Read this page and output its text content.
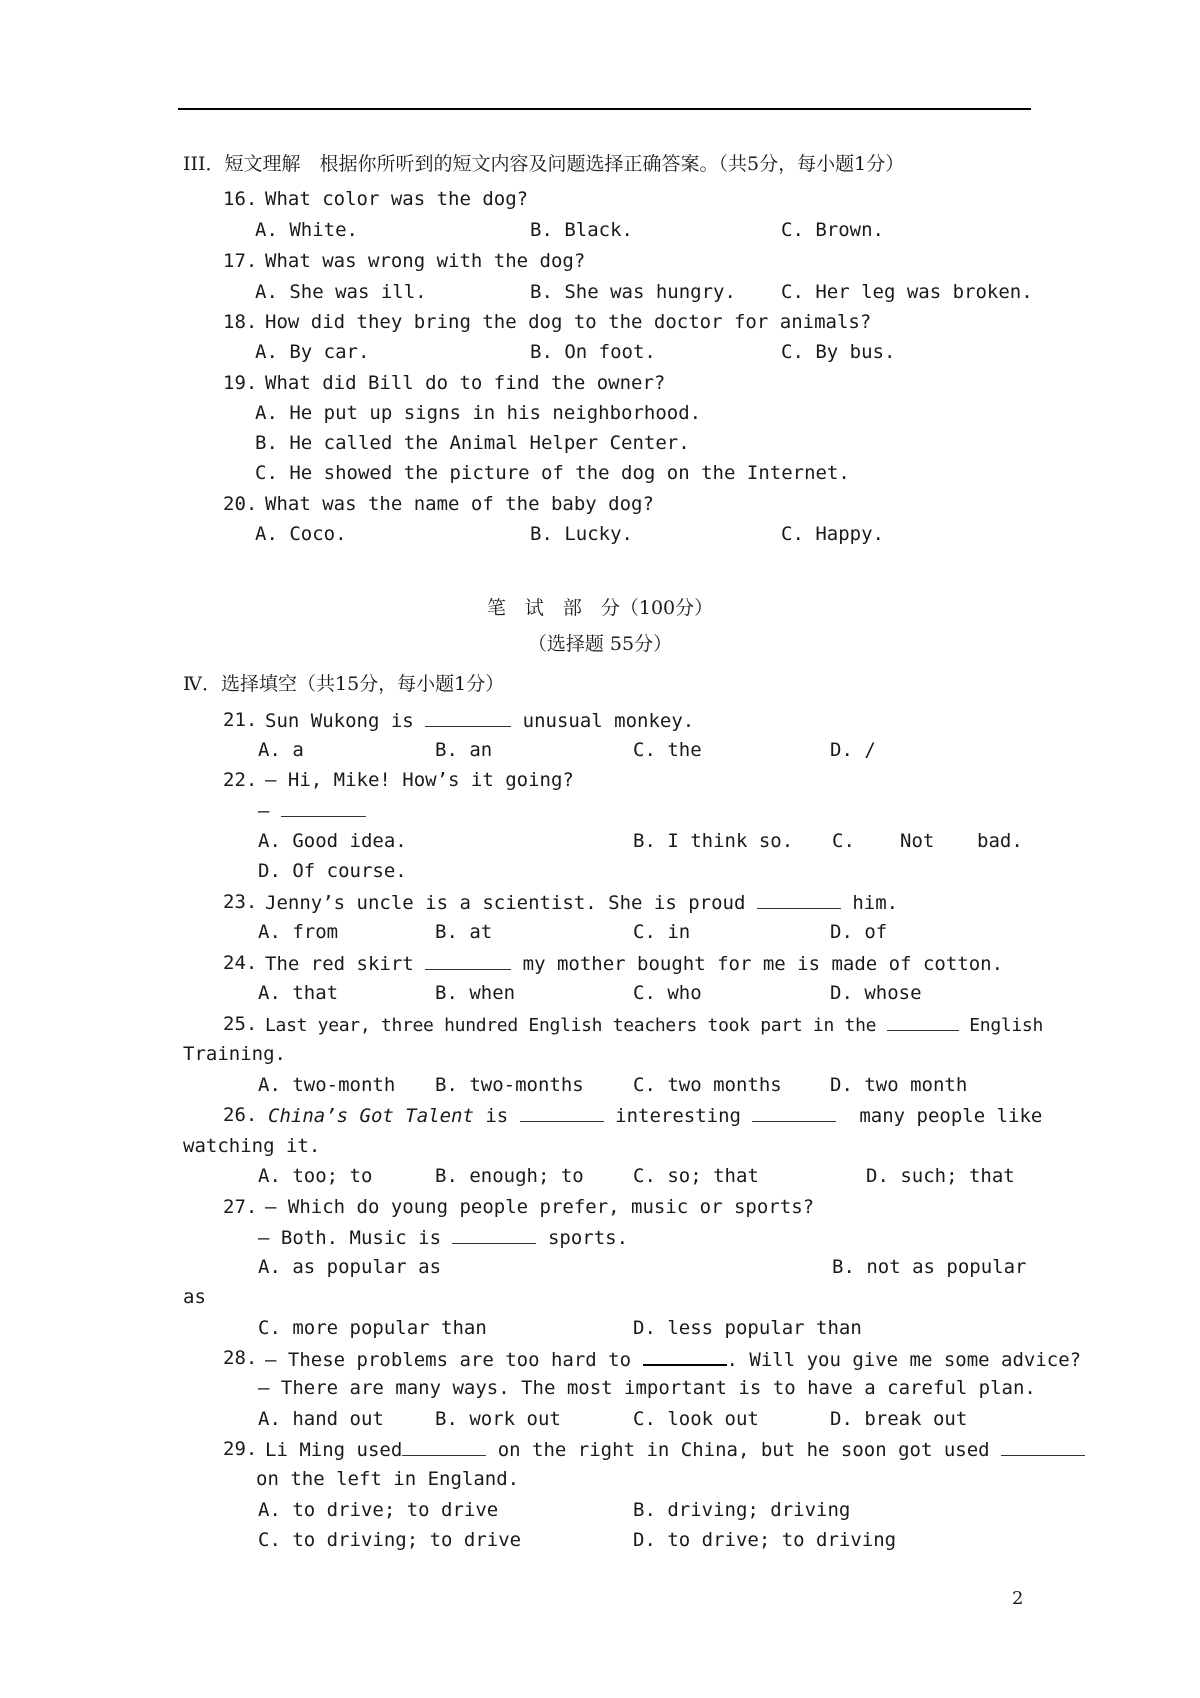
III．短文理解　根据你所听到的短文内容及问题选择正确答案。（共5分，每小题1分）
16. What color was the dog?
A. White.	B. Black.	C. Brown.
17. What was wrong with the dog?
A. She was ill.	B. She was hungry. C. Her leg was broken.
18. How did they bring the dog to the doctor for animals?
A. By car.	B. On foot.	C. By bus.
19. What did Bill do to find the owner?
A. He put up signs in his neighborhood.
B. He called the Animal Helper Center.
C. He showed the picture of the dog on the Internet.
20. What was the name of the baby dog?
A. Coco.	B. Lucky.	C. Happy.
笔　试　部　分（100分）
（选择题 55分）
Ⅳ．选择填空（共15分，每小题1分）
21. Sun Wukong is	unusual monkey.
A. a	B. an	C. the	D. /
22. — Hi, Mike! How’s it going?
—
A. Good idea.	B. I think so. C. Not bad.
D. Of course.
23. Jenny’s uncle is a scientist. She is proud	him.
A. from	B. at	C. in	D. of
24. The red skirt	my mother bought for me is made of cotton.
A. that	B. when	C. who	D. whose
25. Last year, three hundred English teachers took part in the	English
Training.
A. two-month B. two-months	C. two months	D. two month
26. China’s Got Talent is	interesting	many people like
watching it.
A. too; to	B. enough; to	C. so; that	D. such; that
27. — Which do young people prefer, music or sports?
— Both. Music is	sports.
A. as popular as	B. not as popular
as
C. more popular than	D. less popular than
28. — These problems are too hard to	. Will you give me some advice?
— There are many ways. The most important is to have a careful plan.
A. hand out	B. work out	C. look out	D. break out
29. Li Ming used	on the right in China, but he soon got used
on the left in England.
A. to drive; to drive	B. driving; driving
C. to driving; to drive	D. to drive; to driving
2
